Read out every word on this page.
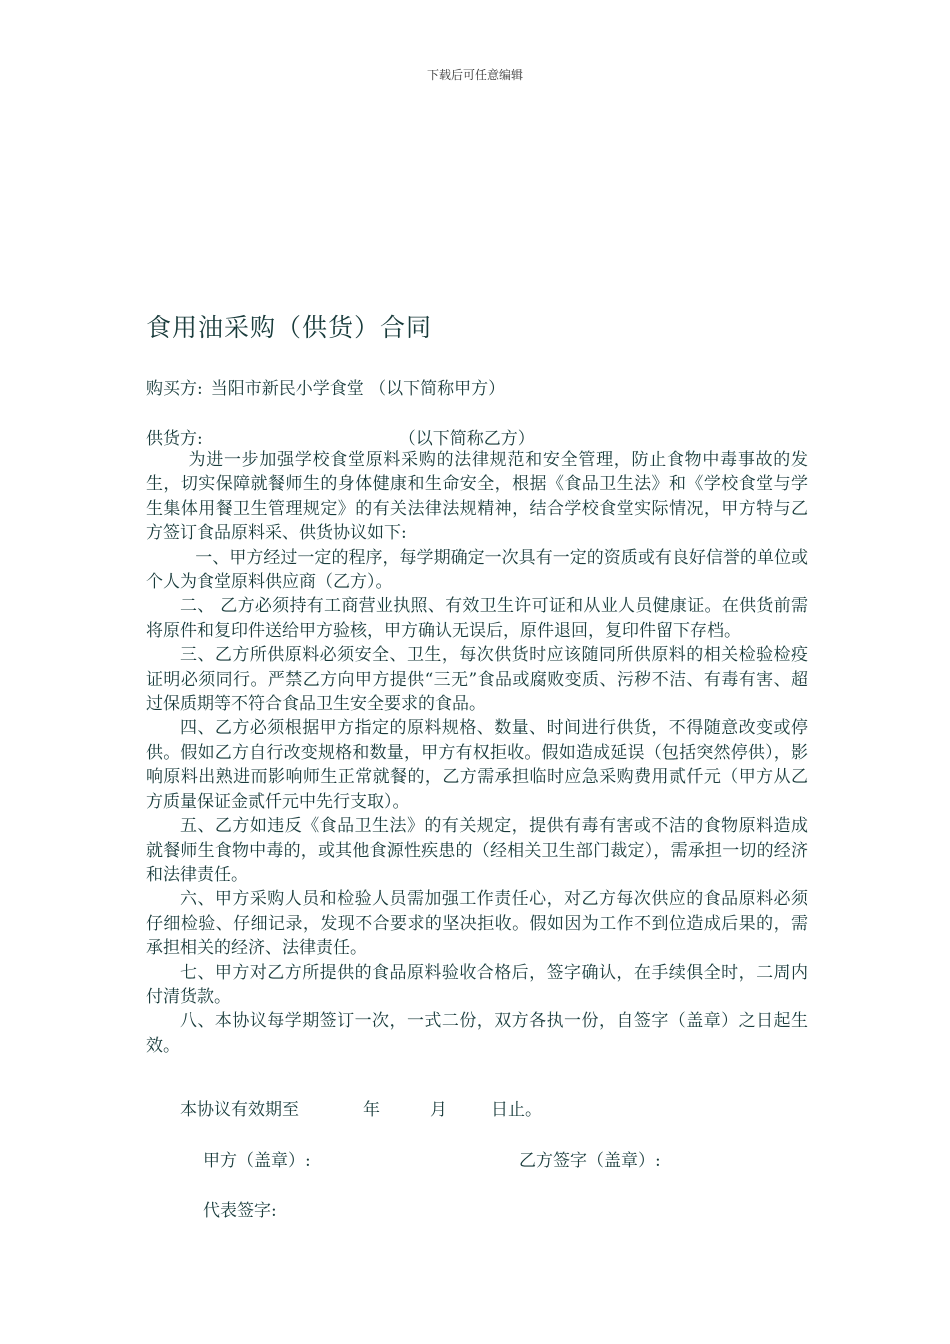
下载后可任意编辑
食用油采购（供货）合同
购买方: 当阳市新民小学食堂 （以下简称甲方）
供货方:	（以下简称乙方）

为进一步加强学校食堂原料采购的法律规范和安全管理，防止食物中毒事故的发生，切实保障就餐师生的身体健康和生命安全，根据《食品卫生法》和《学校食堂与学生集体用餐卫生管理规定》的有关法律法规精神，结合学校食堂实际情况，甲方特与乙方签订食品原料采、供货协议如下:

一、甲方经过一定的程序，每学期确定一次具有一定的资质或有良好信誉的单位或个人为食堂原料供应商（乙方）。

二、 乙方必须持有工商营业执照、有效卫生许可证和从业人员健康证。在供货前需将原件和复印件送给甲方验核，甲方确认无误后，原件退回，复印件留下存档。

三、乙方所供原料必须安全、卫生，每次供货时应该随同所供原料的相关检验检疫证明必须同行。严禁乙方向甲方提供“三无”食品或腐败变质、污秽不洁、有毒有害、超过保质期等不符合食品卫生安全要求的食品。

四、乙方必须根据甲方指定的原料规格、数量、时间进行供货，不得随意改变或停供。假如乙方自行改变规格和数量，甲方有权拒收。假如造成延误（包括突然停供），影响原料出熟进而影响师生正常就餐的，乙方需承担临时应急采购费用贰仟元（甲方从乙方质量保证金贰仟元中先行支取）。

五、乙方如违反《食品卫生法》的有关规定，提供有毒有害或不洁的食物原料造成就餐师生食物中毒的，或其他食源性疾患的（经相关卫生部门裁定），需承担一切的经济和法律责任。

六、甲方采购人员和检验人员需加强工作责任心，对乙方每次供应的食品原料必须仔细检验、仔细记录，发现不合要求的坚决拒收。假如因为工作不到位造成后果的，需承担相关的经济、法律责任。

七、甲方对乙方所提供的食品原料验收合格后，签字确认，在手续俱全时，二周内付清货款。

八、本协议每学期签订一次，一式二份，双方各执一份，自签字（盖章）之日起生效。

本协议有效期至	年	月	日止。
甲方（盖章）:	乙方签字（盖章）:
代表签字:
